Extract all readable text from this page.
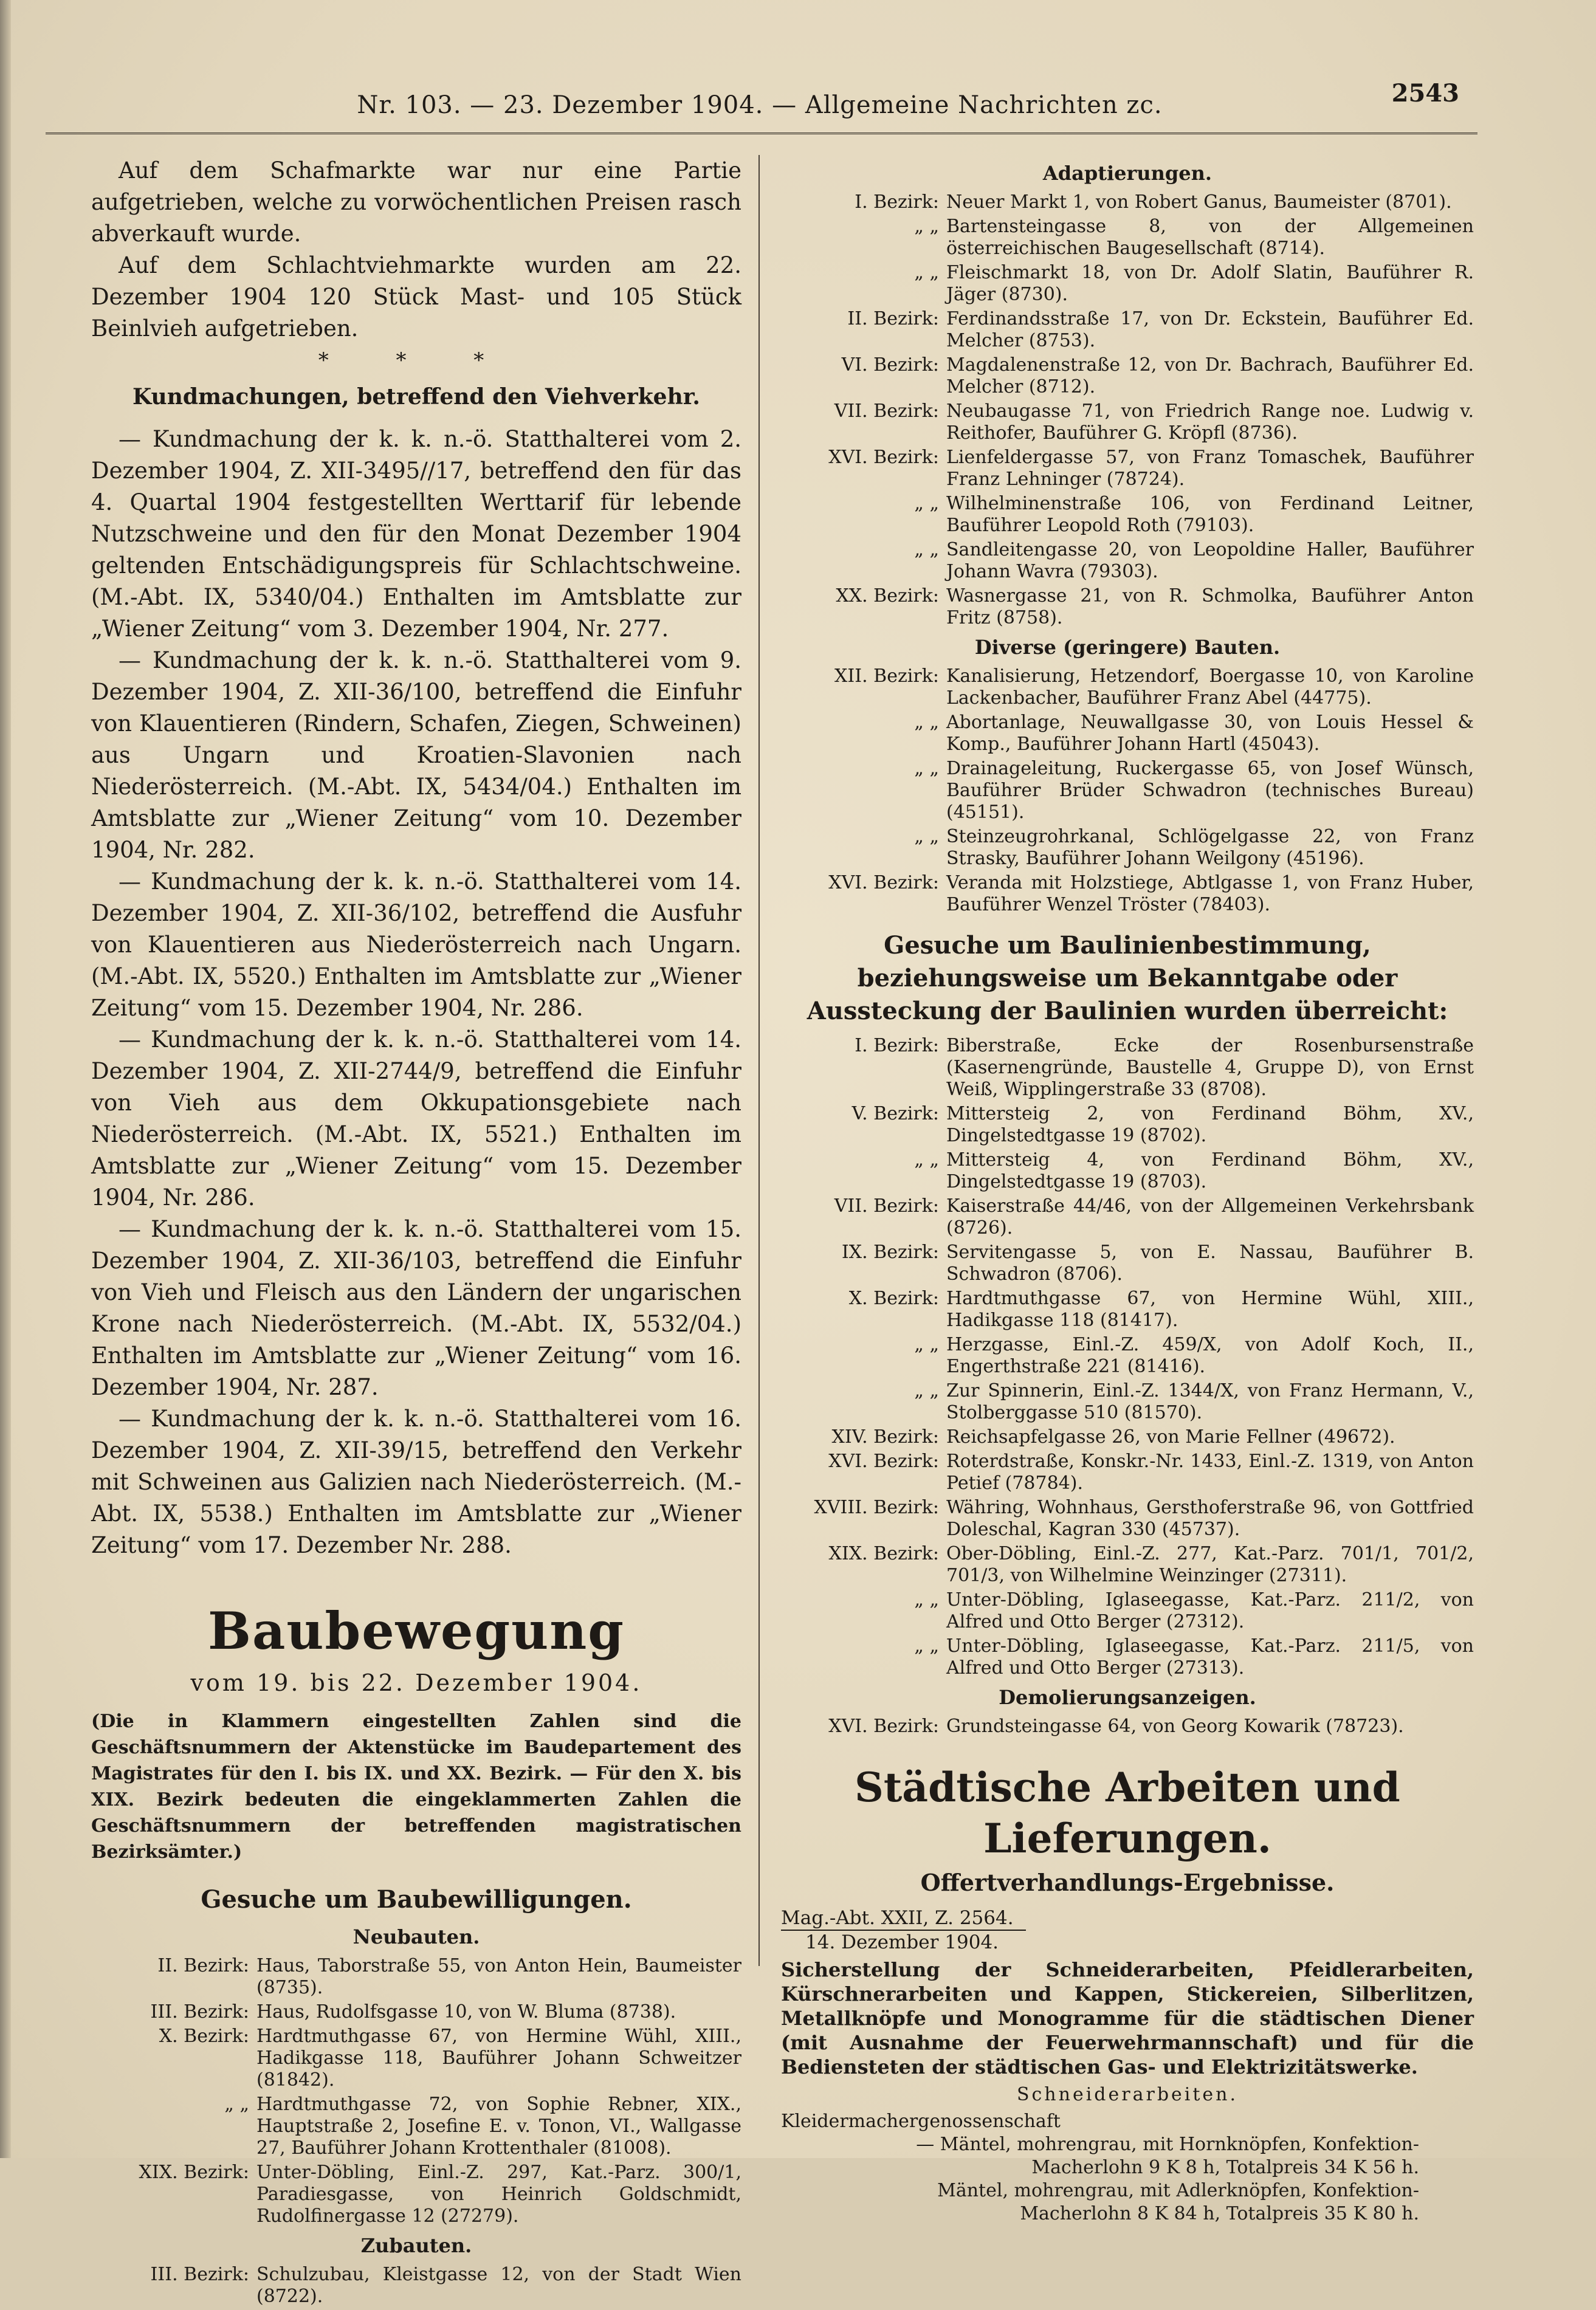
Nr. 103. — 23. Dezember 1904. — Allgemeine Nachrichten zc.	2543

Auf dem Schafmarkte war nur eine Partie aufgetrieben, welche zu vorwöchentlichen Preisen rasch abverkauft wurde.

Auf dem Schlachtviehmarkte wurden am 22. Dezember 1904 120 Stück Mast- und 105 Stück Beinlvieh aufgetrieben.

* * *
Kundmachungen, betreffend den Viehverkehr.

— Kundmachung der k. k. n.-ö. Statthalterei vom 2. Dezember 1904, Z. XII-3495//17, betreffend den für das 4. Quartal 1904 festgestellten Werttarif für lebende Nutzschweine und den für den Monat Dezember 1904 geltenden Entschädigungspreis für Schlachtschweine. (M.-Abt. IX, 5340/04.) Enthalten im Amtsblatte zur „Wiener Zeitung“ vom 3. Dezember 1904, Nr. 277.

— Kundmachung der k. k. n.-ö. Statthalterei vom 9. Dezember 1904, Z. XII-36/100, betreffend die Einfuhr von Klauentieren (Rindern, Schafen, Ziegen, Schweinen) aus Ungarn und Kroatien-Slavonien nach Niederösterreich. (M.-Abt. IX, 5434/04.) Enthalten im Amtsblatte zur „Wiener Zeitung“ vom 10. Dezember 1904, Nr. 282.

— Kundmachung der k. k. n.-ö. Statthalterei vom 14. Dezember 1904, Z. XII-36/102, betreffend die Ausfuhr von Klauentieren aus Niederösterreich nach Ungarn. (M.-Abt. IX, 5520.) Enthalten im Amtsblatte zur „Wiener Zeitung“ vom 15. Dezember 1904, Nr. 286.

— Kundmachung der k. k. n.-ö. Statthalterei vom 14. Dezember 1904, Z. XII-2744/9, betreffend die Einfuhr von Vieh aus dem Okkupationsgebiete nach Niederösterreich. (M.-Abt. IX, 5521.) Enthalten im Amtsblatte zur „Wiener Zeitung“ vom 15. Dezember 1904, Nr. 286.

— Kundmachung der k. k. n.-ö. Statthalterei vom 15. Dezember 1904, Z. XII-36/103, betreffend die Einfuhr von Vieh und Fleisch aus den Ländern der ungarischen Krone nach Niederösterreich. (M.-Abt. IX, 5532/04.) Enthalten im Amtsblatte zur „Wiener Zeitung“ vom 16. Dezember 1904, Nr. 287.

— Kundmachung der k. k. n.-ö. Statthalterei vom 16. Dezember 1904, Z. XII-39/15, betreffend den Verkehr mit Schweinen aus Galizien nach Niederösterreich. (M.-Abt. IX, 5538.) Enthalten im Amtsblatte zur „Wiener Zeitung“ vom 17. Dezember Nr. 288.

Baubewegung
vom 19. bis 22. Dezember 1904.
(Die in Klammern eingestellten Zahlen sind die Geschäftsnummern der Aktenstücke im Baudepartement des Magistrates für den I. bis IX. und XX. Bezirk. — Für den X. bis XIX. Bezirk bedeuten die eingeklammerten Zahlen die Geschäftsnummern der betreffenden magistratischen Bezirksämter.)
Gesuche um Baubewilligungen.
Neubauten.
II. Bezirk: Haus, Taborstraße 55, von Anton Hein, Baumeister (8735).
III. Bezirk: Haus, Rudolfsgasse 10, von W. Bluma (8738).
X. Bezirk: Hardtmuthgasse 67, von Hermine Wühl, XIII., Hadikgasse 118, Bauführer Johann Schweitzer (81842).
„ „ Hardtmuthgasse 72, von Sophie Rebner, XIX., Hauptstraße 2, Josefine E. v. Tonon, VI., Wallgasse 27, Bauführer Johann Krottenthaler (81008).
XIX. Bezirk: Unter-Döbling, Einl.-Z. 297, Kat.-Parz. 300/1, Paradiesgasse, von Heinrich Goldschmidt, Rudolfinergasse 12 (27279).
Zubauten.
III. Bezirk: Schulzubau, Kleistgasse 12, von der Stadt Wien (8722).
Adaptierungen.
I. Bezirk: Neuer Markt 1, von Robert Ganus, Baumeister (8701).
„ „ Bartensteingasse 8, von der Allgemeinen österreichischen Baugesellschaft (8714).
„ „ Fleischmarkt 18, von Dr. Adolf Slatin, Bauführer R. Jäger (8730).
II. Bezirk: Ferdinandsstraße 17, von Dr. Eckstein, Bauführer Ed. Melcher (8753).
VI. Bezirk: Magdalenenstraße 12, von Dr. Bachrach, Bauführer Ed. Melcher (8712).
VII. Bezirk: Neubaugasse 71, von Friedrich Range noe. Ludwig v. Reithofer, Bauführer G. Kröpfl (8736).
XVI. Bezirk: Lienfeldergasse 57, von Franz Tomaschek, Bauführer Franz Lehninger (78724).
„ „ Wilhelminenstraße 106, von Ferdinand Leitner, Bauführer Leopold Roth (79103).
„ „ Sandleitengasse 20, von Leopoldine Haller, Bauführer Johann Wavra (79303).
XX. Bezirk: Wasnergasse 21, von R. Schmolka, Bauführer Anton Fritz (8758).
Diverse (geringere) Bauten.
XII. Bezirk: Kanalisierung, Hetzendorf, Boergasse 10, von Karoline Lackenbacher, Bauführer Franz Abel (44775).
„ „ Abortanlage, Neuwallgasse 30, von Louis Hessel & Komp., Bauführer Johann Hartl (45043).
„ „ Drainageleitung, Ruckergasse 65, von Josef Wünsch, Bauführer Brüder Schwadron (technisches Bureau) (45151).
„ „ Steinzeugrohrkanal, Schlögelgasse 22, von Franz Strasky, Bauführer Johann Weilgony (45196).
XVI. Bezirk: Veranda mit Holzstiege, Abtlgasse 1, von Franz Huber, Bauführer Wenzel Tröster (78403).
Gesuche um Baulinienbestimmung, beziehungsweise um Bekanntgabe oder Aussteckung der Baulinien wurden überreicht:
I. Bezirk: Biberstraße, Ecke der Rosenbursenstraße (Kasernengründe, Baustelle 4, Gruppe D), von Ernst Weiß, Wipplingerstraße 33 (8708).
V. Bezirk: Mittersteig 2, von Ferdinand Böhm, XV., Dingelstedtgasse 19 (8702).
„ „ Mittersteig 4, von Ferdinand Böhm, XV., Dingelstedtgasse 19 (8703).
VII. Bezirk: Kaiserstraße 44/46, von der Allgemeinen Verkehrsbank (8726).
IX. Bezirk: Servitengasse 5, von E. Nassau, Bauführer B. Schwadron (8706).
X. Bezirk: Hardtmuthgasse 67, von Hermine Wühl, XIII., Hadikgasse 118 (81417).
„ „ Herzgasse, Einl.-Z. 459/X, von Adolf Koch, II., Engerthstraße 221 (81416).
„ „ Zur Spinnerin, Einl.-Z. 1344/X, von Franz Hermann, V., Stolberggasse 510 (81570).
XIV. Bezirk: Reichsapfelgasse 26, von Marie Fellner (49672).
XVI. Bezirk: Roterdstraße, Konskr.-Nr. 1433, Einl.-Z. 1319, von Anton Petief (78784).
XVIII. Bezirk: Währing, Wohnhaus, Gersthoferstraße 96, von Gottfried Doleschal, Kagran 330 (45737).
XIX. Bezirk: Ober-Döbling, Einl.-Z. 277, Kat.-Parz. 701/1, 701/2, 701/3, von Wilhelmine Weinzinger (27311).
„ „ Unter-Döbling, Iglaseegasse, Kat.-Parz. 211/2, von Alfred und Otto Berger (27312).
„ „ Unter-Döbling, Iglaseegasse, Kat.-Parz. 211/5, von Alfred und Otto Berger (27313).
Demolierungsanzeigen.
XVI. Bezirk: Grundsteingasse 64, von Georg Kowarik (78723).
Städtische Arbeiten und Lieferungen.
Offertverhandlungs-Ergebnisse.
Mag.-Abt. XXII, Z. 2564.
14. Dezember 1904.
Sicherstellung der Schneiderarbeiten, Pfeidlerarbeiten, Kürschnerarbeiten und Kappen, Stickereien, Silberlitzen, Metallknöpfe und Monogramme für die städtischen Diener (mit Ausnahme der Feuerwehrmannschaft) und für die Bediensteten der städtischen Gas- und Elektrizitätswerke.
Schneiderarbeiten.
Kleidermachergenossenschaft
— Mäntel, mohrengrau, mit Hornknöpfen, Konfektion-
Macherlohn 9 K 8 h, Totalpreis 34 K 56 h.
Mäntel, mohrengrau, mit Adlerknöpfen, Konfektion-
Macherlohn 8 K 84 h, Totalpreis 35 K 80 h.
